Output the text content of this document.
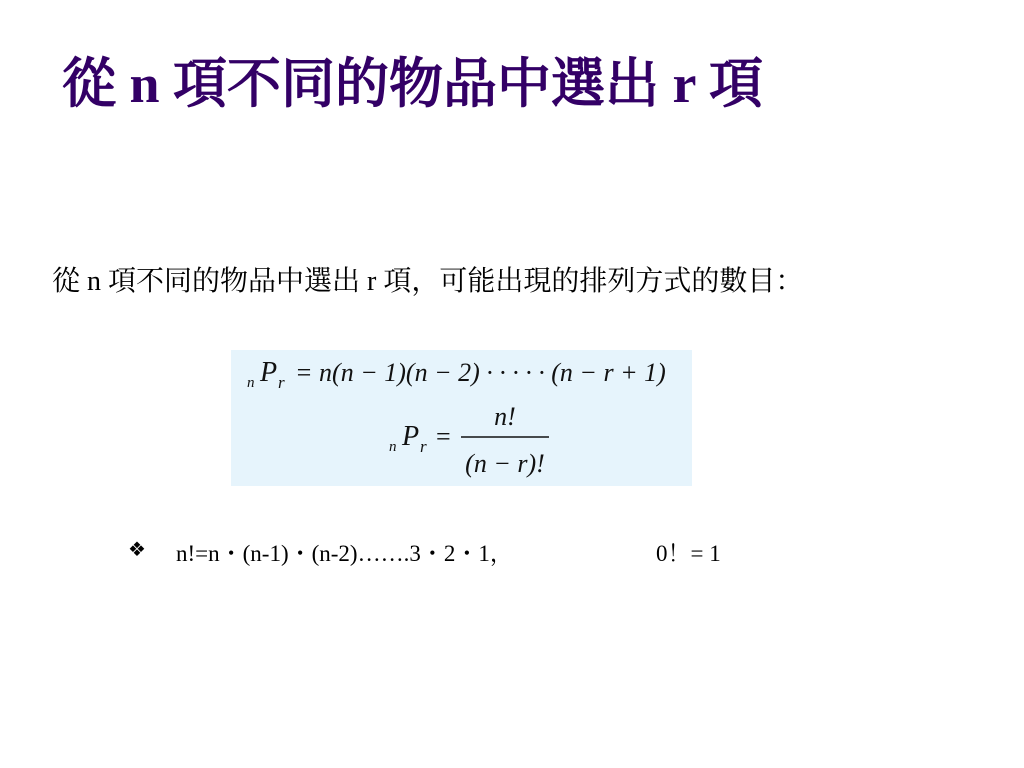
從 n 項不同的物品中選出 r 項
從 n 項不同的物品中選出 r 項，可能出現的排列方式的數目：
n P r = n(n − 1)(n − 2) · · · · · (n − r + 1)
n P r =
n!
(n − r)!
❖ n!=n・(n-1)・(n-2)…….3・2・1，	0！= 1
